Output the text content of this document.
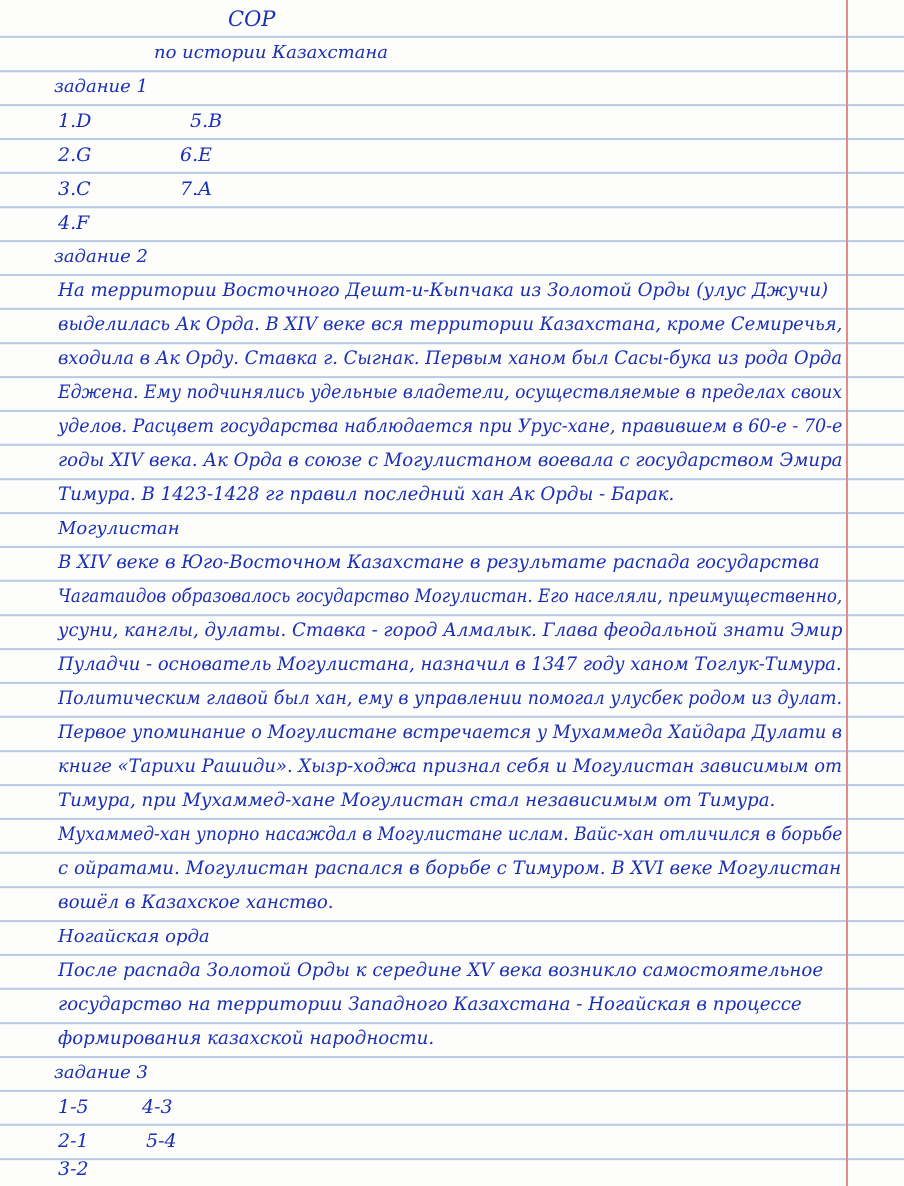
СОР
по истории Казахстана
задание 1
1.D	5.B
2.G	6.E
3.C	7.A
4.F
задание 2
На территории Восточного Дешт-и-Кыпчака из Золотой Орды (улус Джучи)
выделилась Ак Орда. В XIV веке вся территории Казахстана, кроме Семиречья,
входила в Ак Орду. Ставка г. Сыгнак. Первым ханом был Сасы-бука из рода Орда
Еджена. Ему подчинялись удельные владетели, осуществляемые в пределах своих
уделов. Расцвет государства наблюдается при Урус-хане, правившем в 60-е - 70-е
годы XIV века. Ак Орда в союзе с Могулистаном воевала с государством Эмира
Тимура. В 1423-1428 гг правил последний хан Ак Орды - Барак.
Могулистан
В XIV веке в Юго-Восточном Казахстане в результате распада государства
Чагатаидов образовалось государство Могулистан. Его населяли, преимущественно,
усуни, канглы, дулаты. Ставка - город Алмалык. Глава феодальной знати Эмир
Пуладчи - основатель Могулистана, назначил в 1347 году ханом Тоглук-Тимура.
Политическим главой был хан, ему в управлении помогал улусбек родом из дулат.
Первое упоминание о Могулистане встречается у Мухаммеда Хайдара Дулати в
книге «Тарихи Рашиди». Хызр-ходжа признал себя и Могулистан зависимым от
Тимура, при Мухаммед-хане Могулистан стал независимым от Тимура.
Мухаммед-хан упорно насаждал в Могулистане ислам. Вайс-хан отличился в борьбе
с ойратами. Могулистан распался в борьбе с Тимуром. В XVI веке Могулистан
вошёл в Казахское ханство.
Ногайская орда
После распада Золотой Орды к середине XV века возникло самостоятельное
государство на территории Западного Казахстана - Ногайская в процессе
формирования казахской народности.
задание 3
1-5	4-3
2-1	5-4
3-2
